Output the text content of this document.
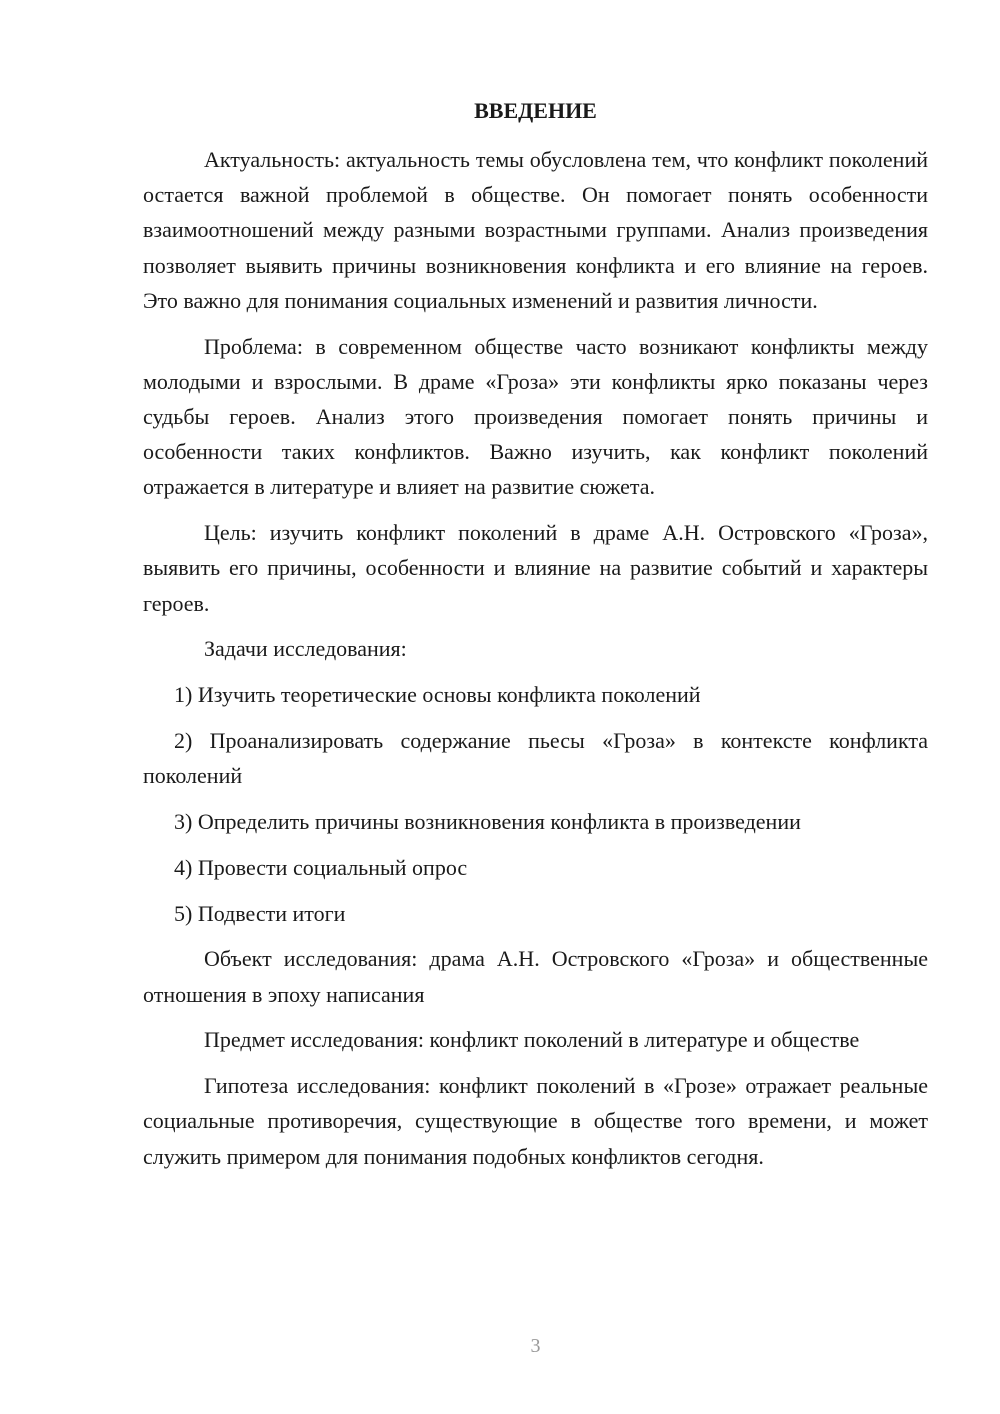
ВВЕДЕНИЕ

Актуальность: актуальность темы обусловлена тем, что конфликт поколений остается важной проблемой в обществе. Он помогает понять особенности взаимоотношений между разными возрастными группами. Анализ произведения позволяет выявить причины возникновения конфликта и его влияние на героев. Это важно для понимания социальных изменений и развития личности.

Проблема: в современном обществе часто возникают конфликты между молодыми и взрослыми. В драме «Гроза» эти конфликты ярко показаны через судьбы героев. Анализ этого произведения помогает понять причины и особенности таких конфликтов. Важно изучить, как конфликт поколений отражается в литературе и влияет на развитие сюжета.

Цель: изучить конфликт поколений в драме А.Н. Островского «Гроза», выявить его причины, особенности и влияние на развитие событий и характеры героев.

Задачи исследования:

1) Изучить теоретические основы конфликта поколений

2) Проанализировать содержание пьесы «Гроза» в контексте конфликта поколений

3) Определить причины возникновения конфликта в произведении

4) Провести социальный опрос

5) Подвести итоги

Объект исследования: драма А.Н. Островского «Гроза» и общественные отношения в эпоху написания

Предмет исследования: конфликт поколений в литературе и обществе

Гипотеза исследования: конфликт поколений в «Грозе» отражает реальные социальные противоречия, существующие в обществе того времени, и может служить примером для понимания подобных конфликтов сегодня.

3
